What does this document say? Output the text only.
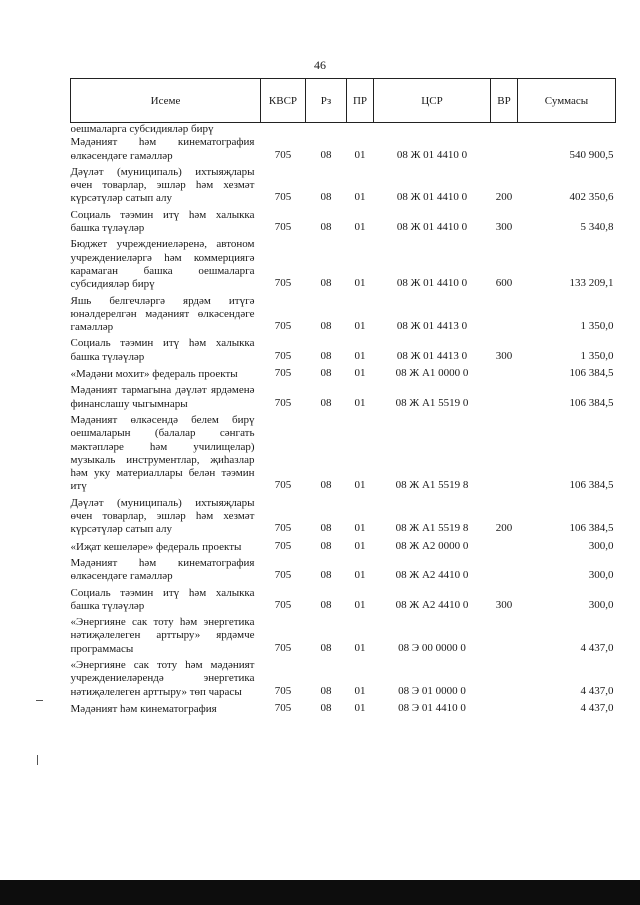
46
Исеме	КВСР	Рз	ПР	ЦСР	ВР	Суммасы
оешмаларга субсидияләр бирү						
Мәдәният һәм кинематография өлкәсендәге гамәлләр	705	08	01	08 Ж 01 4410 0		540 900,5
Дәүләт (муниципаль) ихтыяҗлары өчен товарлар, эшләр һәм хезмәт күрсәтүләр сатып алу	705	08	01	08 Ж 01 4410 0	200	402 350,6
Социаль тәэмин итү һәм халыкка башка түләүләр	705	08	01	08 Ж 01 4410 0	300	5 340,8
Бюджет учреждениеләренә, автоном учреждениеләргә һәм коммерциягә карамаган башка оешмаларга субсидияләр бирү	705	08	01	08 Ж 01 4410 0	600	133 209,1
Яшь белгечләргә ярдәм итүгә юнәлдерелгән мәдәният өлкәсендәге гамәлләр	705	08	01	08 Ж 01 4413 0		1 350,0
Социаль тәэмин итү һәм халыкка башка түләүләр	705	08	01	08 Ж 01 4413 0	300	1 350,0
«Мәдәни мохит» федераль проекты	705	08	01	08 Ж А1 0000 0		106 384,5
Мәдәният тармагына дәүләт ярдәменә финанслашу чыгымнары	705	08	01	08 Ж А1 5519 0		106 384,5
Мәдәният өлкәсендә белем бирү оешмаларын (балалар сәнгать мәктәпләре һәм училищелар) музыкаль инструментлар, җиһазлар һәм уку материаллары белән тәэмин итү	705	08	01	08 Ж А1 5519 8		106 384,5
Дәүләт (муниципаль) ихтыяҗлары өчен товарлар, эшләр һәм хезмәт күрсәтүләр сатып алу	705	08	01	08 Ж А1 5519 8	200	106 384,5
«Иҗат кешеләре» федераль проекты	705	08	01	08 Ж А2 0000 0		300,0
Мәдәният һәм кинематография өлкәсендәге гамәлләр	705	08	01	08 Ж А2 4410 0		300,0
Социаль тәэмин итү һәм халыкка башка түләүләр	705	08	01	08 Ж А2 4410 0	300	300,0
«Энергияне сак тоту һәм энергетика нәтиҗәлелеген арттыру» ярдәмче программасы	705	08	01	08 Э 00 0000 0		4 437,0
«Энергияне сак тоту һәм мәдәният учреждениеләрендә энергетика нәтиҗәлелеген арттыру» төп чарасы	705	08	01	08 Э 01 0000 0		4 437,0
Мәдәният һәм кинематография	705	08	01	08 Э 01 4410 0		4 437,0
